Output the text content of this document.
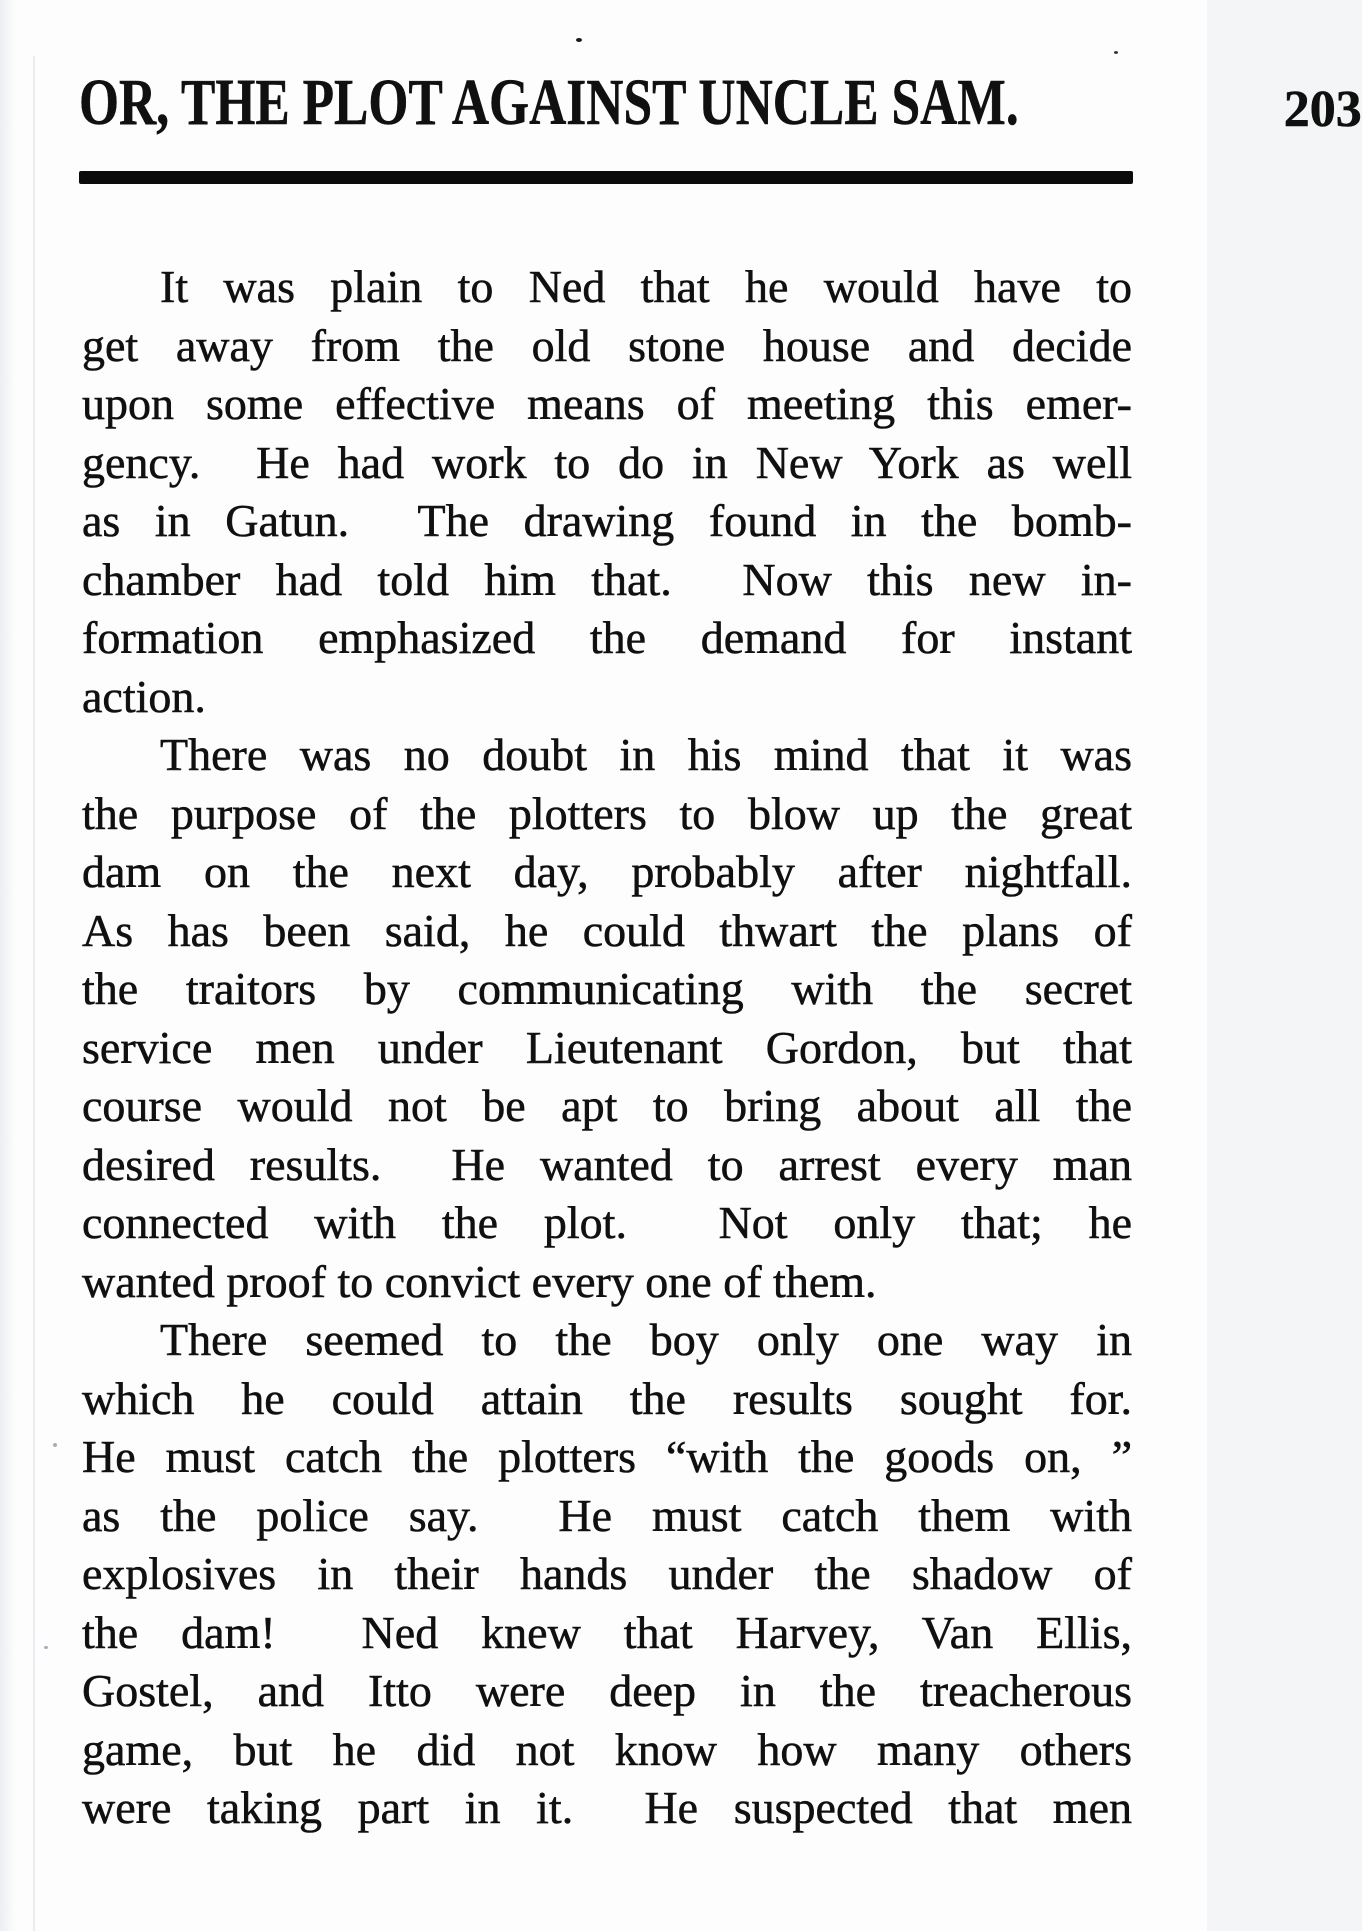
OR, THE PLOT AGAINST UNCLE SAM.	203
It was plain to Ned that he would have to
get away from the old stone house and decide
upon some effective means of meeting this emer-
gency.  He had work to do in New York as well
as in Gatun.  The drawing found in the bomb-
chamber had told him that.  Now this new in-
formation emphasized the demand for instant
action.
There was no doubt in his mind that it was
the purpose of the plotters to blow up the great
dam on the next day, probably after nightfall.
As has been said, he could thwart the plans of
the traitors by communicating with the secret
service men under Lieutenant Gordon, but that
course would not be apt to bring about all the
desired results.  He wanted to arrest every man
connected with the plot.  Not only that; he
wanted proof to convict every one of them.
There seemed to the boy only one way in
which he could attain the results sought for.
He must catch the plotters “with the goods on, ”
as the police say.  He must catch them with
explosives in their hands under the shadow of
the dam!  Ned knew that Harvey, Van Ellis,
Gostel, and Itto were deep in the treacherous
game, but he did not know how many others
were taking part in it.  He suspected that men
